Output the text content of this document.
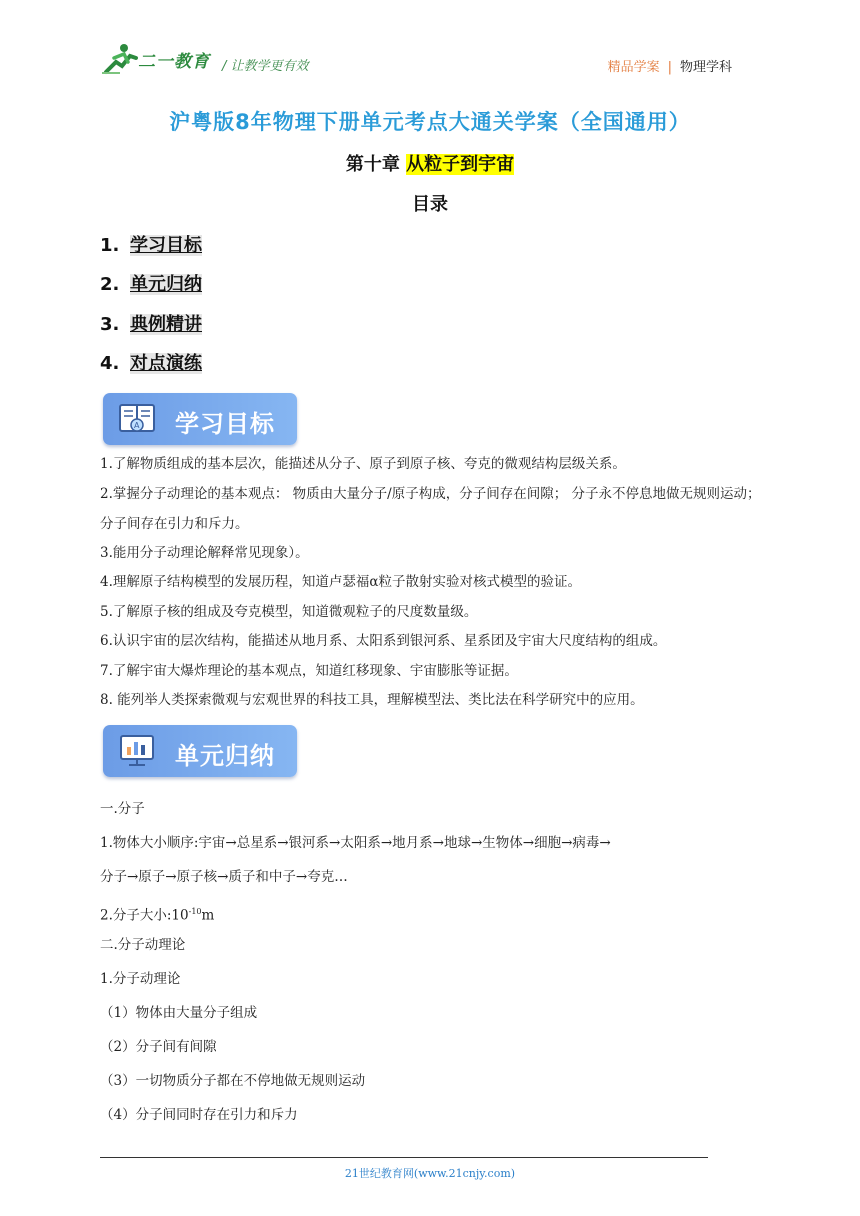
二一教育 / 让教学更有效	精品学案 | 物理学科
沪粤版8年物理下册单元考点大通关学案（全国通用）
第十章 从粒子到宇宙
目录
1. 学习目标
2. 单元归纳
3. 典例精讲
4. 对点演练
A 学习目标
1.了解物质组成的基本层次，能描述从分子、原子到原子核、夸克的微观结构层级关系。
2.掌握分子动理论的基本观点： 物质由大量分子/原子构成，分子间存在间隙； 分子永不停息地做无规则运动； 分子间存在引力和斥力。
3.能用分子动理论解释常见现象）。
4.理解原子结构模型的发展历程，知道卢瑟福α粒子散射实验对核式模型的验证。
5.了解原子核的组成及夸克模型，知道微观粒子的尺度数量级。
6.认识宇宙的层次结构，能描述从地月系、太阳系到银河系、星系团及宇宙大尺度结构的组成。
7.了解宇宙大爆炸理论的基本观点，知道红移现象、宇宙膨胀等证据。
8. 能列举人类探索微观与宏观世界的科技工具，理解模型法、类比法在科学研究中的应用。
单元归纳
一.分子
1.物体大小顺序:宇宙→总星系→银河系→太阳系→地月系→地球→生物体→细胞→病毒→
分子→原子→原子核→质子和中子→夸克…
2.分子大小$:10^{-10}m$
二.分子动理论
1.分子动理论
（1）物体由大量分子组成
（2）分子间有间隙
（3）一切物质分子都在不停地做无规则运动
（4）分子间同时存在引力和斥力
21世纪教育网(www.21cnjy.com)
